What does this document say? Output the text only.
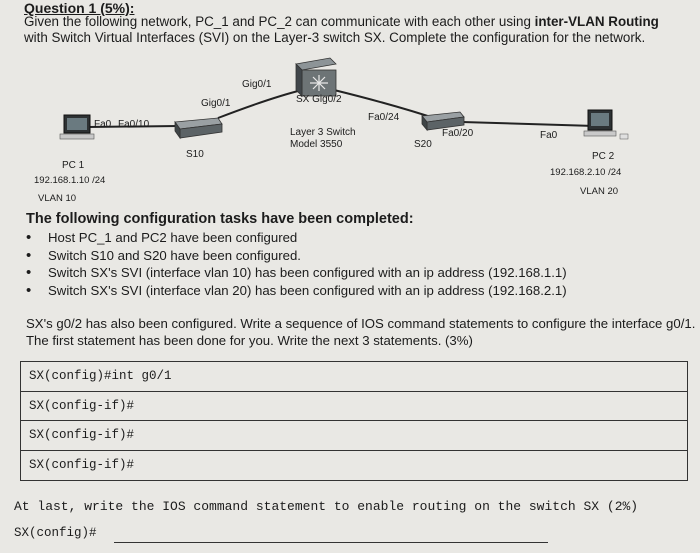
Question 1 (5%):
Given the following network, PC_1 and PC_2 can communicate with each other using inter-VLAN Routing with Switch Virtual Interfaces (SVI) on the Layer-3 switch SX. Complete the configuration for the network.
Fa0 Fa0/10
Gig0/1
S10
Gig0/1
SX Gig0/2
Fa0/24
Layer 3 Switch
Model 3550
Fa0/20
S20
Fa0
PC 1
192.168.1.10 /24
VLAN 10
PC 2
192.168.2.10 /24
VLAN 20
The following configuration tasks have been completed:
• Host PC_1 and PC2 have been configured
• Switch S10 and S20 have been configured.
• Switch SX's SVI (interface vlan 10) has been configured with an ip address (192.168.1.1)
• Switch SX's SVI (interface vlan 20) has been configured with an ip address (192.168.2.1)
SX's g0/2 has also been configured. Write a sequence of IOS command statements to configure the interface g0/1. The first statement has been done for you. Write the next 3 statements. (3%)
SX(config)#int g0/1
SX(config-if)#
SX(config-if)#
SX(config-if)#
At last, write the IOS command statement to enable routing on the switch SX (2%)
SX(config)#
